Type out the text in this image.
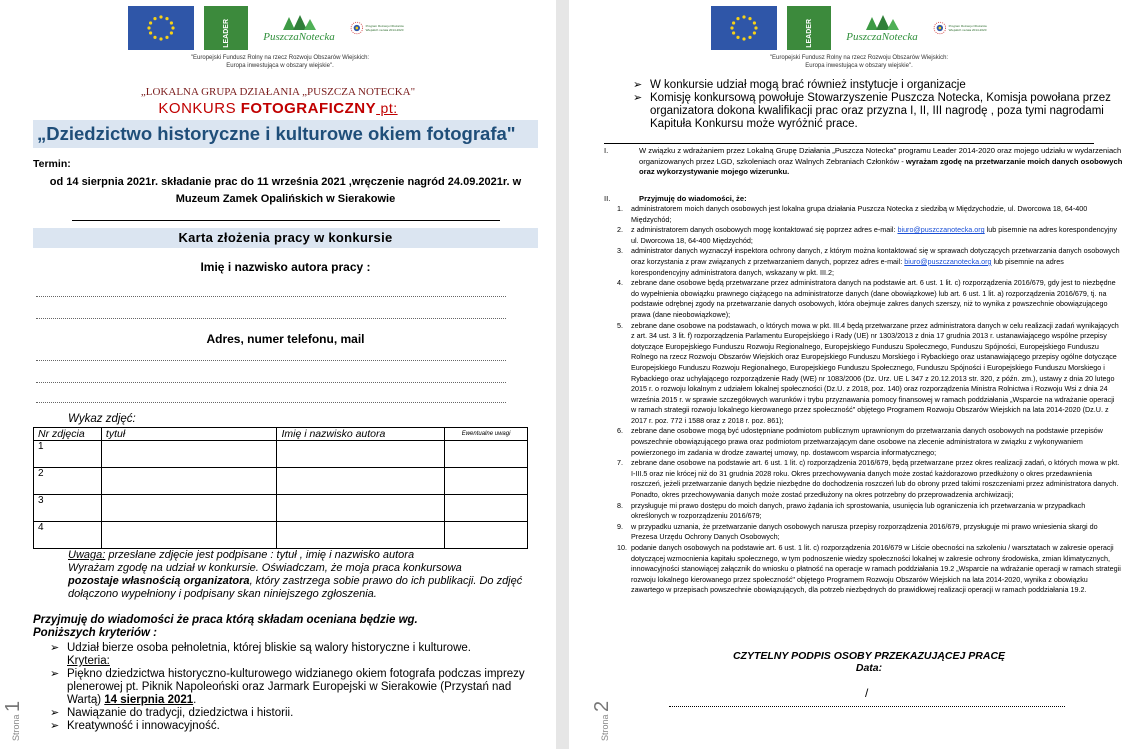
LEADER	PuszczaNotecka
Program Rozwoju Obszarów Wiejskich na lata 2014-2020
"Europejski Fundusz Rolny na rzecz Rozwoju Obszarów Wiejskich:
Europa inwestująca w obszary wiejskie".
„LOKALNA GRUPA DZIAŁANIA „PUSZCZA NOTECKA"
KONKURS FOTOGRAFICZNY pt:
„Dziedzictwo historyczne i kulturowe okiem fotografa"
Termin:
od 14 sierpnia 2021r. składanie prac do 11 września 2021 ,wręczenie nagród 24.09.2021r. w
Muzeum Zamek Opalińskich w Sierakowie
Karta złożenia pracy w konkursie
Imię i nazwisko autora pracy :
Adres, numer telefonu, mail
Wykaz zdjęć:
Nr zdjęcia	tytuł	Imię i nazwisko autora	Ewentualne uwagi
1			
2			
3			
4			
Uwaga: przesłane zdjęcie jest podpisane : tytuł , imię i nazwisko autora
Wyrażam zgodę na udział w konkursie. Oświadczam, że moja praca konkursowa
pozostaje własnością organizatora, który zastrzega sobie prawo do ich publikacji. Do zdjęć dołączono wypełniony i podpisany skan niniejszego zgłoszenia.
Przyjmuję do wiadomości że praca którą składam oceniana będzie wg.
Poniższych kryteriów :
➢ Udział bierze osoba pełnoletnia, której bliskie są walory historyczne i kulturowe.
Kryteria:
➢ Piękno dziedzictwa historyczno-kulturowego widzianego okiem fotografa podczas imprezy plenerowej pt. Piknik Napoleoński oraz Jarmark Europejski w Sierakowie (Przystań nad Wartą) 14 sierpnia 2021.
➢ Nawiązanie do tradycji, dziedzictwa i historii.
➢ Kreatywność i innowacyjność.
Strona 1
LEADER	PuszczaNotecka
Program Rozwoju Obszarów Wiejskich na lata 2014-2020
"Europejski Fundusz Rolny na rzecz Rozwoju Obszarów Wiejskich:
Europa inwestująca w obszary wiejskie".
➢ W konkursie udział mogą brać również instytucje i organizacje
➢ Komisję konkursową powołuje Stowarzyszenie Puszcza Notecka, Komisja powołana przez organizatora dokona kwalifikacji prac oraz przyzna I, II, III nagrodę , poza tymi nagrodami Kapituła Konkursu może wyróżnić prace.
I.	W związku z wdrażaniem przez Lokalną Grupę Działania „Puszcza Notecka" programu Leader 2014-2020 oraz mojego udziału w wydarzeniach organizowanych przez LGD, szkoleniach oraz Walnych Zebraniach Członków - wyrażam zgodę na przetwarzanie moich danych osobowych oraz wykorzystywanie mojego wizerunku.
II.	Przyjmuję do wiadomości, że:
1. administratorem moich danych osobowych jest lokalna grupa działania Puszcza Notecka z siedzibą w Międzychodzie, ul. Dworcowa 18, 64-400 Międzychód;
2. z administratorem danych osobowych mogę kontaktować się poprzez adres e-mail: biuro@puszczanotecka.org lub pisemnie na adres korespondencyjny ul. Dworcowa 18, 64-400 Międzychód;
3. administrator danych wyznaczył inspektora ochrony danych, z którym można kontaktować się w sprawach dotyczących przetwarzania danych osobowych oraz korzystania z praw związanych z przetwarzaniem danych, poprzez adres e-mail: biuro@puszczanotecka.org lub pisemnie na adres korespondencyjny administratora danych, wskazany w pkt. III.2;
4. zebrane dane osobowe będą przetwarzane przez administratora danych na podstawie art. 6 ust. 1 lit. c) rozporządzenia 2016/679, gdy jest to niezbędne do wypełnienia obowiązku prawnego ciążącego na administratorze danych (dane obowiązkowe) lub art. 6 ust. 1 lit. a) rozporządzenia 2016/679, tj. na podstawie odrębnej zgody na przetwarzanie danych osobowych, która obejmuje zakres danych szerszy, niż to wynika z powszechnie obowiązującego prawa (dane nieobowiązkowe);
5. zebrane dane osobowe na podstawach, o których mowa w pkt. III.4 będą przetwarzane przez administratora danych w celu realizacji zadań wynikających z art. 34 ust. 3 lit. f) rozporządzenia Parlamentu Europejskiego i Rady (UE) nr 1303/2013 z dnia 17 grudnia 2013 r. ustanawiającego wspólne przepisy dotyczące Europejskiego Funduszu Rozwoju Regionalnego, Europejskiego Funduszu Społecznego, Funduszu Spójności, Europejskiego Funduszu Rolnego na rzecz Rozwoju Obszarów Wiejskich oraz Europejskiego Funduszu Morskiego i Rybackiego oraz ustanawiającego przepisy ogólne dotyczące Europejskiego Funduszu Rozwoju Regionalnego, Europejskiego Funduszu Społecznego, Funduszu Spójności i Europejskiego Funduszu Morskiego i Rybackiego oraz uchylającego rozporządzenie Rady (WE) nr 1083/2006 (Dz. Urz. UE L 347 z 20.12.2013 str. 320, z późn. zm.), ustawy z dnia 20 lutego 2015 r. o rozwoju lokalnym z udziałem lokalnej społeczności (Dz.U. z 2018, poz. 140) oraz rozporządzenia Ministra Rolnictwa i Rozwoju Wsi z dnia 24 września 2015 r. w sprawie szczegółowych warunków i trybu przyznawania pomocy finansowej w ramach poddziałania „Wsparcie na wdrażanie operacji w ramach strategii rozwoju lokalnego kierowanego przez społeczność" objętego Programem Rozwoju Obszarów Wiejskich na lata 2014-2020 (Dz.U. z 2017 r. poz. 772 i 1588 oraz z 2018 r. poz. 861);
6. zebrane dane osobowe mogą być udostępniane podmiotom publicznym uprawnionym do przetwarzania danych osobowych na podstawie przepisów powszechnie obowiązującego prawa oraz podmiotom przetwarzającym dane osobowe na zlecenie administratora w związku z wykonywaniem powierzonego im zadania w drodze zawartej umowy, np. dostawcom wsparcia informatycznego;
7. zebrane dane osobowe na podstawie art. 6 ust. 1 lit. c) rozporządzenia 2016/679, będą przetwarzane przez okres realizacji zadań, o których mowa w pkt. I-III.5 oraz nie krócej niż do 31 grudnia 2028 roku. Okres przechowywania danych może zostać każdorazowo przedłużony o okres przedawnienia roszczeń, jeżeli przetwarzanie danych będzie niezbędne do dochodzenia roszczeń lub do obrony przed takimi roszczeniami przez administratora danych. Ponadto, okres przechowywania danych może zostać przedłużony na okres potrzebny do przeprowadzenia archiwizacji;
8. przysługuje mi prawo dostępu do moich danych, prawo żądania ich sprostowania, usunięcia lub ograniczenia ich przetwarzania w przypadkach określonych w rozporządzeniu 2016/679;
9. w przypadku uznania, że przetwarzanie danych osobowych narusza przepisy rozporządzenia 2016/679, przysługuje mi prawo wniesienia skargi do Prezesa Urzędu Ochrony Danych Osobowych;
10. podanie danych osobowych na podstawie art. 6 ust. 1 lit. c) rozporządzenia 2016/679 w Liście obecności na szkoleniu / warsztatach w zakresie operacji dotyczącej wzmocnienia kapitału społecznego, w tym podnoszenie wiedzy społeczności lokalnej w zakresie ochrony środowiska, zmian klimatycznych, innowacyjności stanowiącej załącznik do wniosku o płatność na operacje w ramach poddziałania 19.2 „Wsparcie na wdrażanie operacji w ramach strategii rozwoju lokalnego kierowanego przez społeczność" objętego Programem Rozwoju Obszarów Wiejskich na lata 2014-2020, wynika z obowiązku zawartego w przepisach powszechnie obowiązujących, dla potrzeb niezbędnych do prawidłowej realizacji operacji w ramach poddziałania 19.2.
CZYTELNY PODPIS OSOBY PRZEKAZUJĄCEJ PRACĘ
Data:
/
Strona 2
